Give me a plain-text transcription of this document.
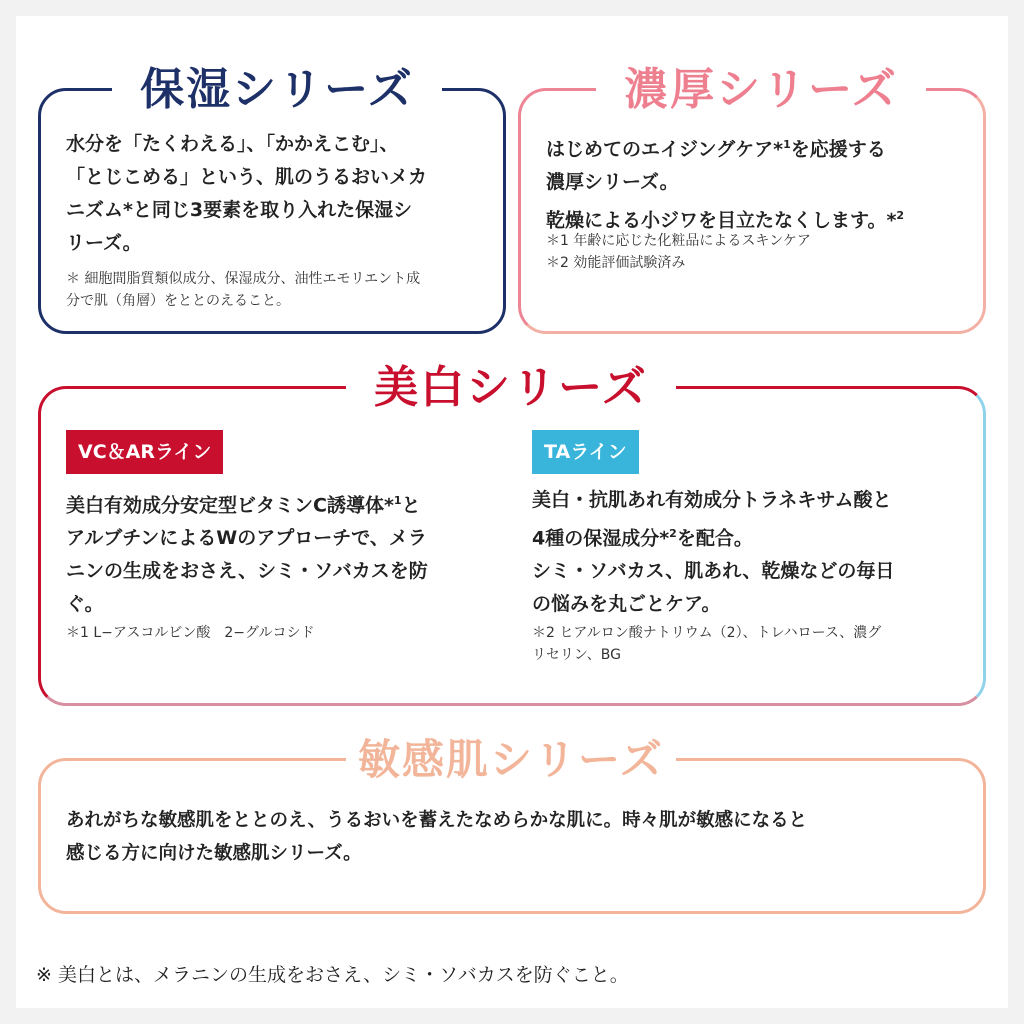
保湿シリーズ
水分を「たくわえる」、「かかえこむ」、
「とじこめる」という、肌のうるおいメカ
ニズム*と同じ3要素を取り入れた保湿シ
リーズ。
＊ 細胞間脂質類似成分、保湿成分、油性エモリエント成
分で肌（角層）をととのえること。
濃厚シリーズ
はじめてのエイジングケア*$^1$を応援する
濃厚シリーズ。
乾燥による小ジワを目立たなくします。*$^2$
＊1 年齢に応じた化粧品によるスキンケア
＊2 効能評価試験済み
美白シリーズ
VC＆ARライン
美白有効成分安定型ビタミンC誘導体*$^1$と
アルブチンによるWのアプローチで、メラ
ニンの生成をおさえ、シミ・ソバカスを防
ぐ。
＊1 L−アスコルビン酸　2−グルコシド
TAライン
美白・抗肌あれ有効成分トラネキサム酸と
4種の保湿成分*$^2$を配合。
シミ・ソバカス、肌あれ、乾燥などの毎日
の悩みを丸ごとケア。
＊2 ヒアルロン酸ナトリウム（2）、トレハロース、濃グ
リセリン、BG
敏感肌シリーズ
あれがちな敏感肌をととのえ、うるおいを蓄えたなめらかな肌に。時々肌が敏感になると
感じる方に向けた敏感肌シリーズ。
※ 美白とは、メラニンの生成をおさえ、シミ・ソバカスを防ぐこと。
